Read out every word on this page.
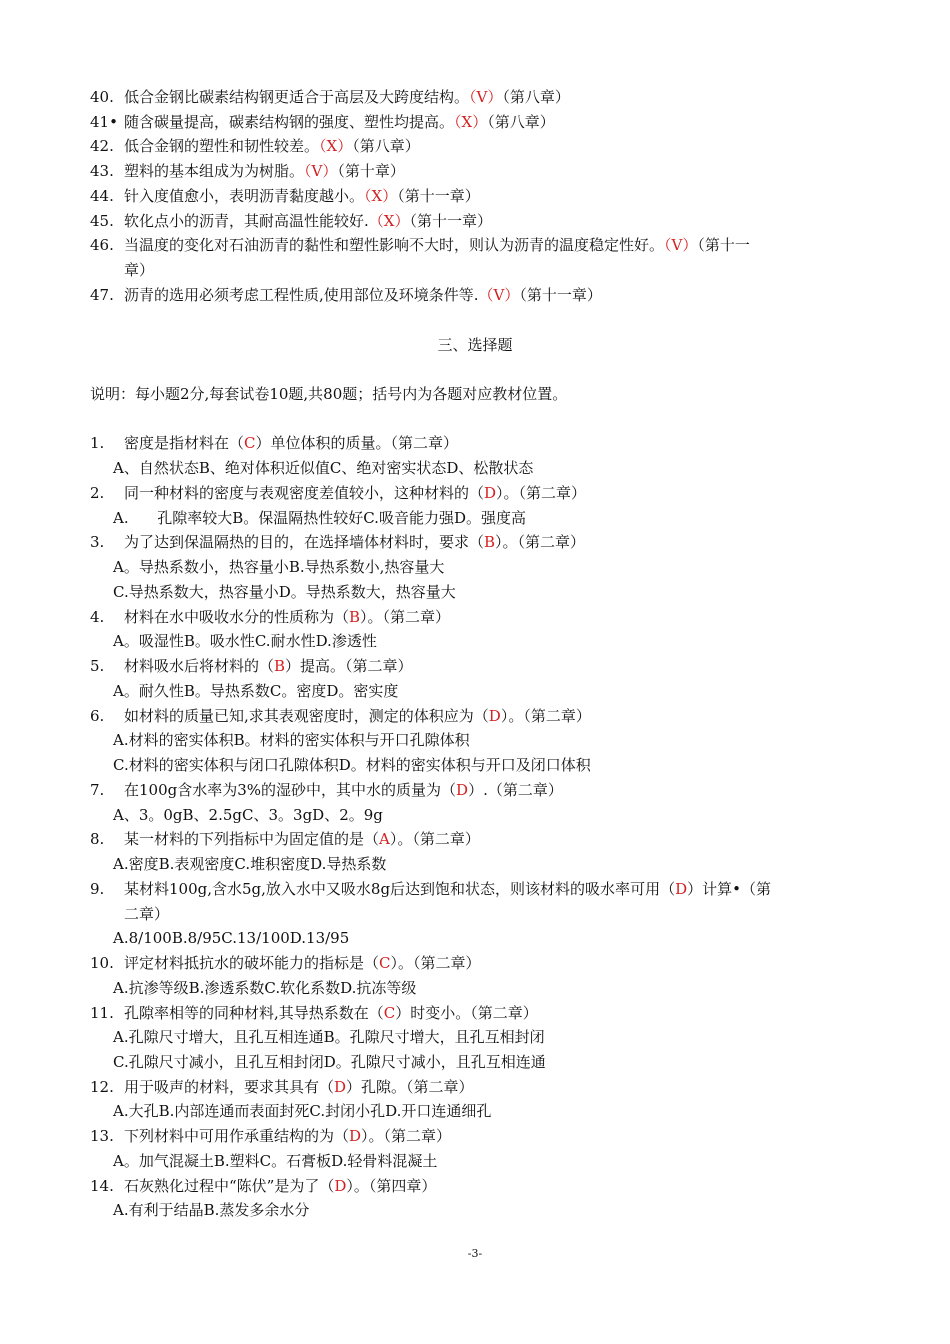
40. 低合金钢比碳素结构钢更适合于高层及大跨度结构。（V）（第八章）
41• 随含碳量提高，碳素结构钢的强度、塑性均提高。（X）（第八章）
42. 低合金钢的塑性和韧性较差。（X）（第八章）
43. 塑料的基本组成为为树脂。（V）（第十章）
44. 针入度值愈小，表明沥青黏度越小。（X）（第十一章）
45. 软化点小的沥青，其耐高温性能较好.（X）（第十一章）
46. 当温度的变化对石油沥青的黏性和塑性影响不大时，则认为沥青的温度稳定性好。（V）（第十一
章）
47. 沥青的选用必须考虑工程性质,使用部位及环境条件等.（V）（第十一章）
三、选择题
说明：每小题2分,每套试卷10题,共80题；括号内为各题对应教材位置。
1. 密度是指材料在（C）单位体积的质量。（第二章）
A、自然状态B、绝对体积近似值C、绝对密实状态D、松散状态
2. 同一种材料的密度与表观密度差值较小，这种材料的（D）。（第二章）
A.      孔隙率较大B。保温隔热性较好C.吸音能力强D。强度高
3. 为了达到保温隔热的目的，在选择墙体材料时，要求（B）。（第二章）
A。导热系数小，热容量小B.导热系数小,热容量大
C.导热系数大，热容量小D。导热系数大，热容量大
4. 材料在水中吸收水分的性质称为（B）。（第二章）
A。吸湿性B。吸水性C.耐水性D.渗透性
5. 材料吸水后将材料的（B）提高。（第二章）
A。耐久性B。导热系数C。密度D。密实度
6. 如材料的质量已知,求其表观密度时，测定的体积应为（D）。（第二章）
A.材料的密实体积B。材料的密实体积与开口孔隙体积
C.材料的密实体积与闭口孔隙体积D。材料的密实体积与开口及闭口体积
7. 在100g含水率为3%的湿砂中，其中水的质量为（D）.（第二章）
A、3。0gB、2.5gC、3。3gD、2。9g
8. 某一材料的下列指标中为固定值的是（A）。（第二章）
A.密度B.表观密度C.堆积密度D.导热系数
9. 某材料100g,含水5g,放入水中又吸水8g后达到饱和状态，则该材料的吸水率可用（D）计算•（第
二章）
A.8/100B.8/95C.13/100D.13/95
10. 评定材料抵抗水的破坏能力的指标是（C）。（第二章）
A.抗渗等级B.渗透系数C.软化系数D.抗冻等级
11. 孔隙率相等的同种材料,其导热系数在（C）时变小。（第二章）
A.孔隙尺寸增大，且孔互相连通B。孔隙尺寸增大，且孔互相封闭
C.孔隙尺寸减小，且孔互相封闭D。孔隙尺寸减小，且孔互相连通
12. 用于吸声的材料，要求其具有（D）孔隙。（第二章）
A.大孔B.内部连通而表面封死C.封闭小孔D.开口连通细孔
13. 下列材料中可用作承重结构的为（D）。（第二章）
A。加气混凝土B.塑料C。石膏板D.轻骨料混凝土
14. 石灰熟化过程中“陈伏”是为了（D）。（第四章）
A.有利于结晶B.蒸发多余水分
-3-
